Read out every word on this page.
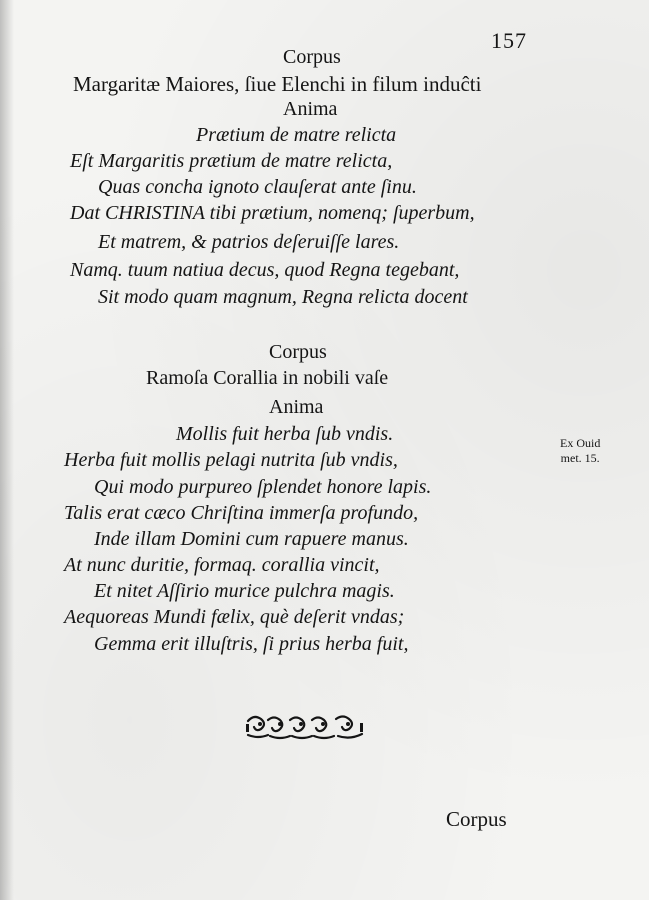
157
Corpus
Margaritæ Maiores, ſiue Elenchi in filum induĉti
Anima
Prætium de matre relicta
Eſt Margaritis prætium de matre relicta,
Quas concha ignoto clauſerat ante ſinu.
Dat CHRISTINA tibi prætium, nomenq; ſuperbum,
Et matrem, & patrios deſeruiſſe lares.
Namq. tuum natiua decus, quod Regna tegebant,
Sit modo quam magnum, Regna relicta docent
Corpus
Ramoſa Corallia in nobili vaſe
Anima
Mollis fuit herba ſub vndis.
Herba fuit mollis pelagi nutrita ſub vndis,
Qui modo purpureo ſplendet honore lapis.
Talis erat cæco Chriſtina immerſa profundo,
Inde illam Domini cum rapuere manus.
At nunc duritie, formaq. corallia vincit,
Et nitet Aſſirio murice pulchra magis.
Aequoreas Mundi fælix, què deſerit vndas;
Gemma erit illuſtris, ſi prius herba fuit,
Ex Ouid
met. 15.
Corpus
